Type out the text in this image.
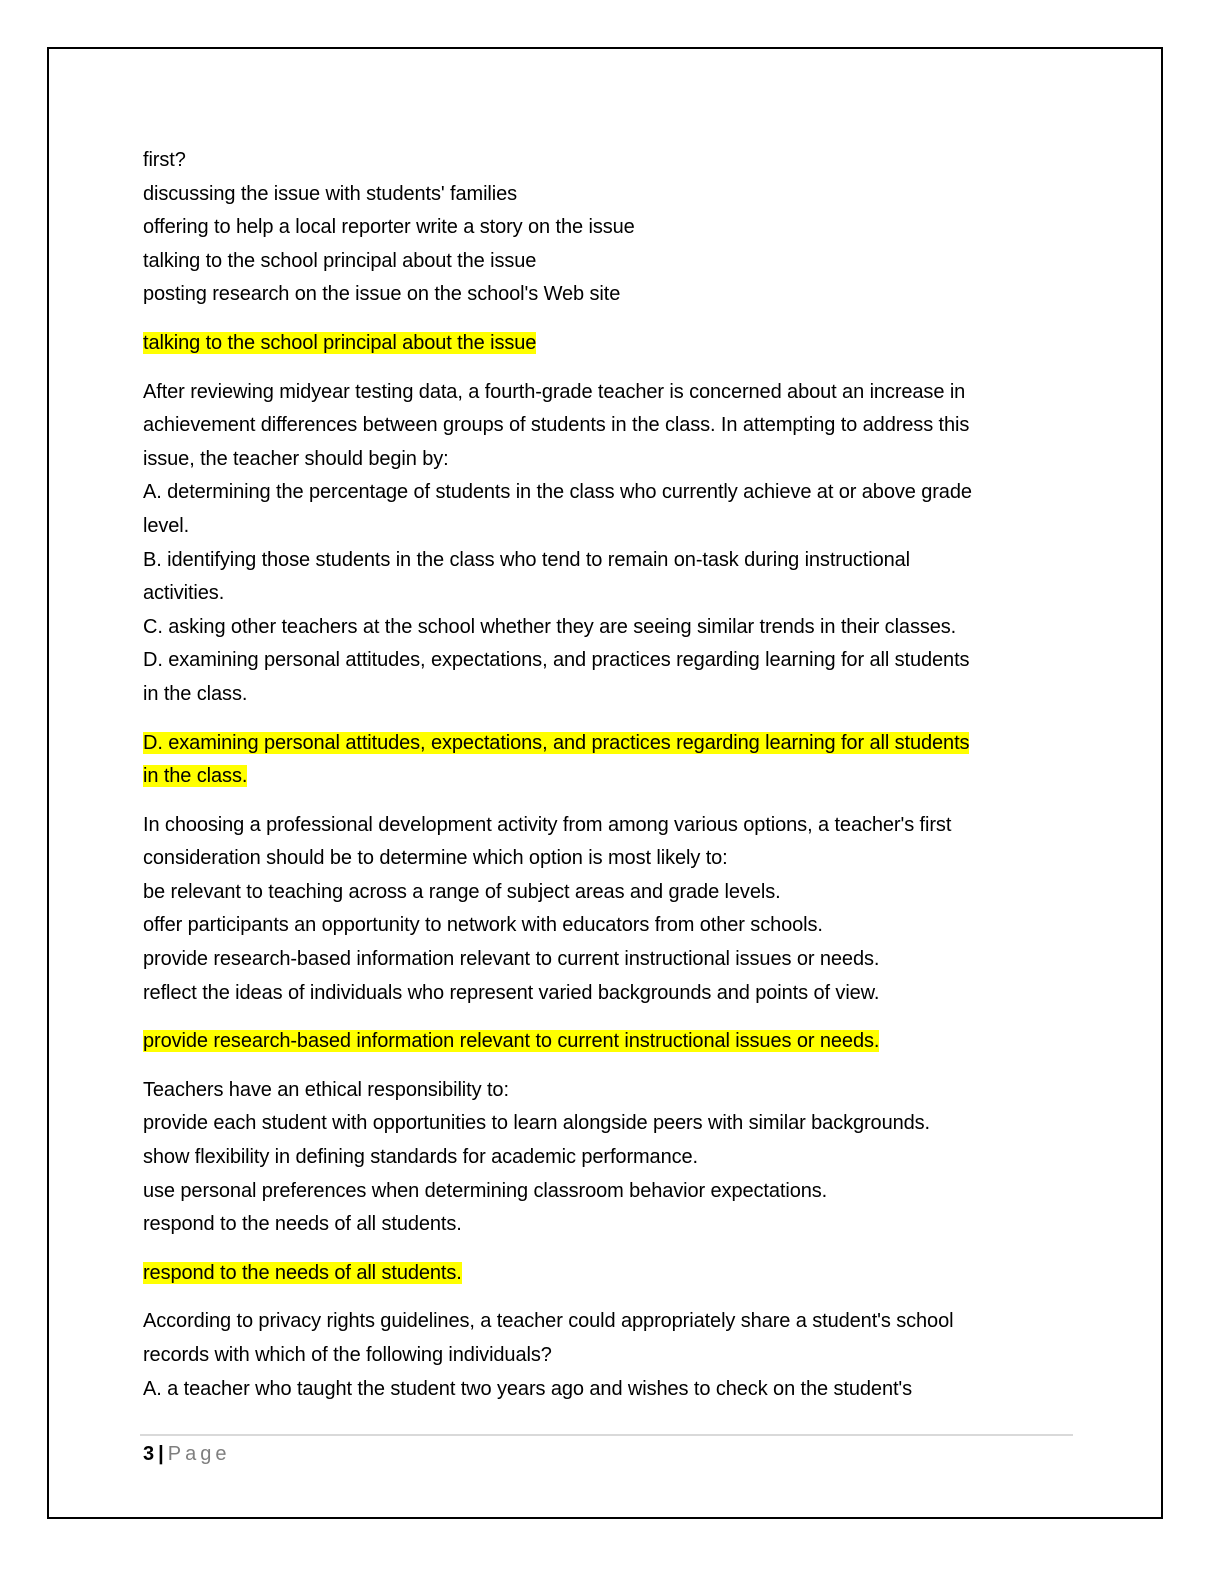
first?
discussing the issue with students' families
offering to help a local reporter write a story on the issue
talking to the school principal about the issue
posting research on the issue on the school's Web site
talking to the school principal about the issue
After reviewing midyear testing data, a fourth-grade teacher is concerned about an increase in
achievement differences between groups of students in the class. In attempting to address this
issue, the teacher should begin by:
A. determining the percentage of students in the class who currently achieve at or above grade
level.
B. identifying those students in the class who tend to remain on-task during instructional
activities.
C. asking other teachers at the school whether they are seeing similar trends in their classes.
D. examining personal attitudes, expectations, and practices regarding learning for all students
in the class.
D. examining personal attitudes, expectations, and practices regarding learning for all students
in the class.
In choosing a professional development activity from among various options, a teacher's first
consideration should be to determine which option is most likely to:
be relevant to teaching across a range of subject areas and grade levels.
offer participants an opportunity to network with educators from other schools.
provide research-based information relevant to current instructional issues or needs.
reflect the ideas of individuals who represent varied backgrounds and points of view.
provide research-based information relevant to current instructional issues or needs.
Teachers have an ethical responsibility to:
provide each student with opportunities to learn alongside peers with similar backgrounds.
show flexibility in defining standards for academic performance.
use personal preferences when determining classroom behavior expectations.
respond to the needs of all students.
respond to the needs of all students.
According to privacy rights guidelines, a teacher could appropriately share a student's school
records with which of the following individuals?
A. a teacher who taught the student two years ago and wishes to check on the student's
3 | Page
